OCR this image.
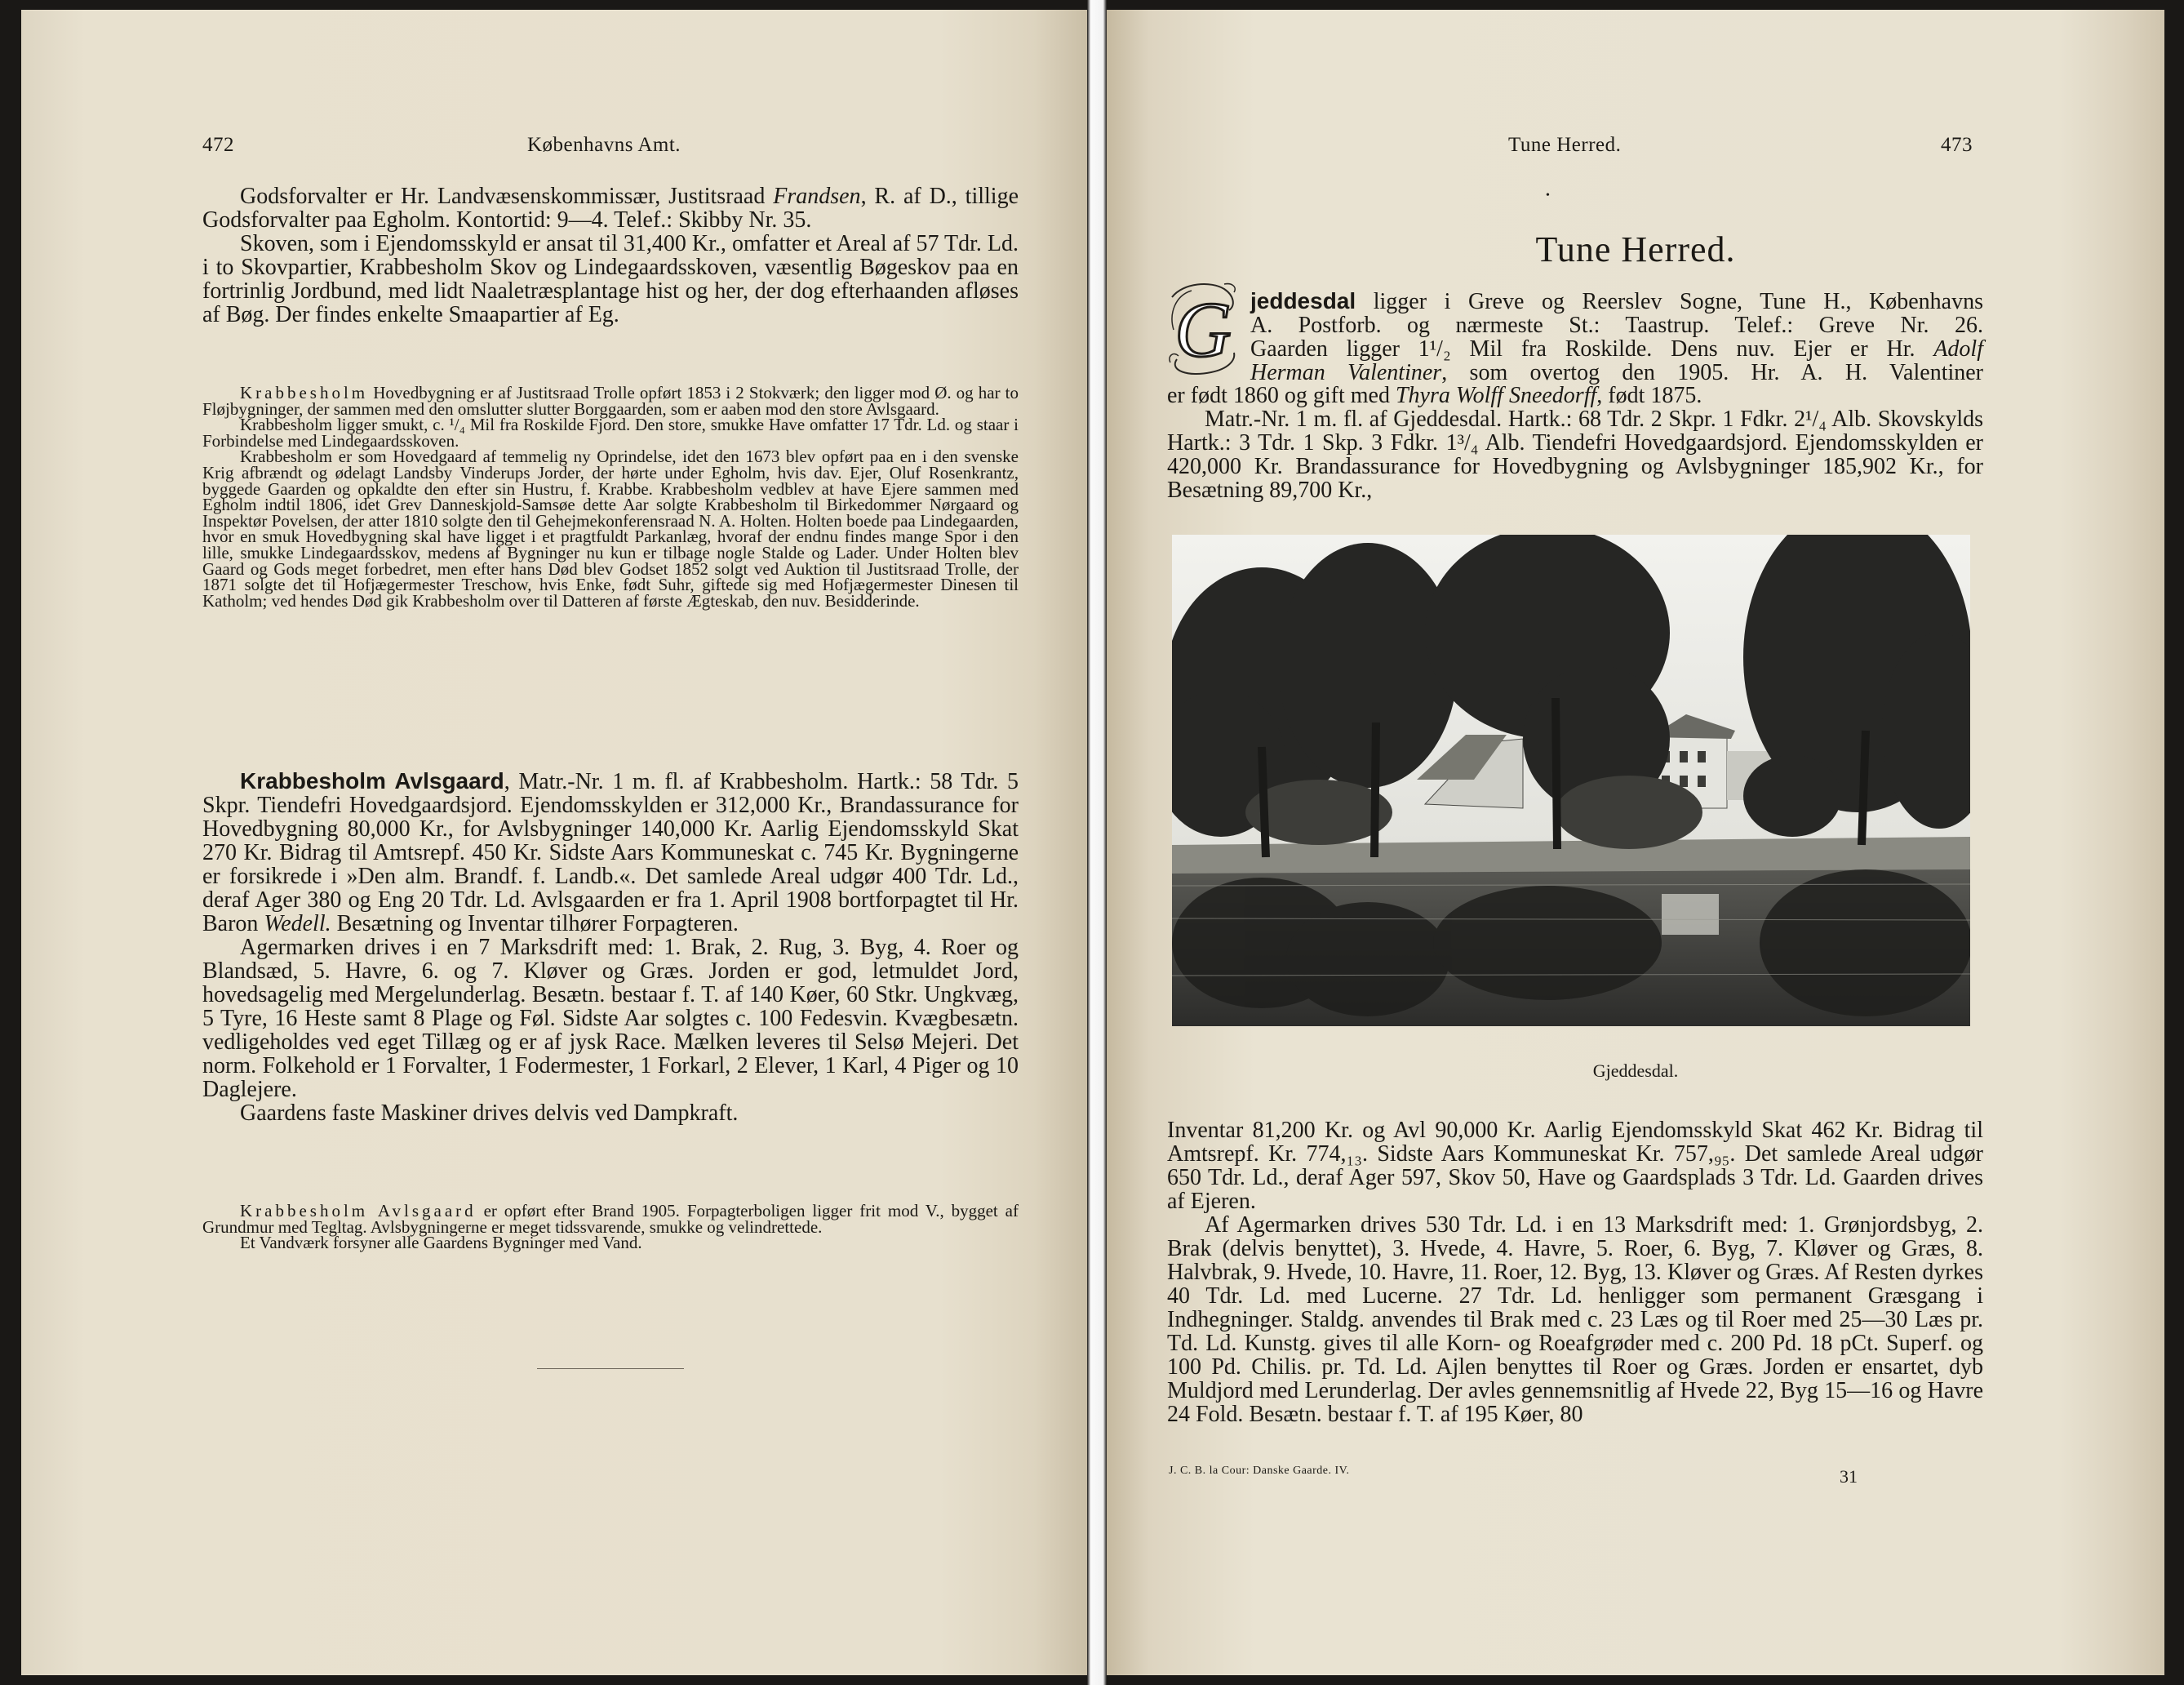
472	Københavns Amt.

Godsforvalter er Hr. Landvæsenskommissær, Justitsraad Frandsen, R. af D., tillige Godsforvalter paa Egholm. Kontortid: 9—4. Telef.: Skibby Nr. 35.

Skoven, som i Ejendomsskyld er ansat til 31,400 Kr., omfatter et Areal af 57 Tdr. Ld. i to Skovpartier, Krabbesholm Skov og Lindegaardsskoven, væsentlig Bøgeskov paa en fortrinlig Jordbund, med lidt Naaletræsplantage hist og her, der dog efterhaanden afløses af Bøg. Der findes enkelte Smaapartier af Eg.

Krabbesholm Hovedbygning er af Justitsraad Trolle opført 1853 i 2 Stokværk; den ligger mod Ø. og har to Fløjbygninger, der sammen med den omslutter slutter Borggaarden, som er aaben mod den store Avlsgaard.

Krabbesholm ligger smukt, c. ¹/₄ Mil fra Roskilde Fjord. Den store, smukke Have omfatter 17 Tdr. Ld. og staar i Forbindelse med Lindegaardsskoven.

Krabbesholm er som Hovedgaard af temmelig ny Oprindelse, idet den 1673 blev opført paa en i den svenske Krig afbrændt og ødelagt Landsby Vinderups Jorder, der hørte under Egholm, hvis dav. Ejer, Oluf Rosenkrantz, byggede Gaarden og opkaldte den efter sin Hustru, f. Krabbe. Krabbesholm vedblev at have Ejere sammen med Egholm indtil 1806, idet Grev Danneskjold-Samsøe dette Aar solgte Krabbesholm til Birkedommer Nørgaard og Inspektør Povelsen, der atter 1810 solgte den til Gehejmekonferensraad N. A. Holten. Holten boede paa Lindegaarden, hvor en smuk Hovedbygning skal have ligget i et pragtfuldt Parkanlæg, hvoraf der endnu findes mange Spor i den lille, smukke Lindegaardsskov, medens af Bygninger nu kun er tilbage nogle Stalde og Lader. Under Holten blev Gaard og Gods meget forbedret, men efter hans Død blev Godset 1852 solgt ved Auktion til Justitsraad Trolle, der 1871 solgte det til Hofjægermester Treschow, hvis Enke, født Suhr, giftede sig med Hofjægermester Dinesen til Katholm; ved hendes Død gik Krabbesholm over til Datteren af første Ægteskab, den nuv. Besidderinde.

Krabbesholm Avlsgaard, Matr.-Nr. 1 m. fl. af Krabbesholm. Hartk.: 58 Tdr. 5 Skpr. Tiendefri Hovedgaardsjord. Ejendomsskylden er 312,000 Kr., Brandassurance for Hovedbygning 80,000 Kr., for Avlsbygninger 140,000 Kr. Aarlig Ejendomsskyld Skat 270 Kr. Bidrag til Amtsrepf. 450 Kr. Sidste Aars Kommuneskat c. 745 Kr. Bygningerne er forsikrede i »Den alm. Brandf. f. Landb.«. Det samlede Areal udgør 400 Tdr. Ld., deraf Ager 380 og Eng 20 Tdr. Ld. Avlsgaarden er fra 1. April 1908 bortforpagtet til Hr. Baron Wedell. Besætning og Inventar tilhører Forpagteren.

Agermarken drives i en 7 Marksdrift med: 1. Brak, 2. Rug, 3. Byg, 4. Roer og Blandsæd, 5. Havre, 6. og 7. Kløver og Græs. Jorden er god, letmuldet Jord, hovedsagelig med Mergelunderlag. Besætn. bestaar f. T. af 140 Køer, 60 Stkr. Ungkvæg, 5 Tyre, 16 Heste samt 8 Plage og Føl. Sidste Aar solgtes c. 100 Fedesvin. Kvægbesætn. vedligeholdes ved eget Tillæg og er af jysk Race. Mælken leveres til Selsø Mejeri. Det norm. Folkehold er 1 Forvalter, 1 Fodermester, 1 Forkarl, 2 Elever, 1 Karl, 4 Piger og 10 Daglejere.

Gaardens faste Maskiner drives delvis ved Dampkraft.

Krabbesholm Avlsgaard er opført efter Brand 1905. Forpagterboligen ligger frit mod V., bygget af Grundmur med Tegltag. Avlsbygningerne er meget tidssvarende, smukke og velindrettede.

Et Vandværk forsyner alle Gaardens Bygninger med Vand.

Tune Herred.	473
•
Tune Herred.
G jeddesdal ligger i Greve og Reerslev Sogne, Tune H., Københavns

A. Postforb. og nærmeste St.: Taastrup. Telef.: Greve Nr. 26.

Gaarden ligger 1¹/₂ Mil fra Roskilde. Dens nuv. Ejer er Hr. Adolf

Herman Valentiner, som overtog den 1905. Hr. A. H. Valentiner

er født 1860 og gift med Thyra Wolff Sneedorff, født 1875.

Matr.-Nr. 1 m. fl. af Gjeddesdal. Hartk.: 68 Tdr. 2 Skpr. 1 Fdkr. 2¹/₄ Alb. Skovskylds Hartk.: 3 Tdr. 1 Skp. 3 Fdkr. 1³/₄ Alb. Tiendefri Hovedgaardsjord. Ejendomsskylden er 420,000 Kr. Brandassurance for Hovedbygning og Avlsbygninger 185,902 Kr., for Besætning 89,700 Kr.,

Gjeddesdal.

Inventar 81,200 Kr. og Avl 90,000 Kr. Aarlig Ejendomsskyld Skat 462 Kr. Bidrag til Amtsrepf. Kr. 774,₁₃. Sidste Aars Kommuneskat Kr. 757,₉₅. Det samlede Areal udgør 650 Tdr. Ld., deraf Ager 597, Skov 50, Have og Gaardsplads 3 Tdr. Ld. Gaarden drives af Ejeren.

Af Agermarken drives 530 Tdr. Ld. i en 13 Marksdrift med: 1. Grønjordsbyg, 2. Brak (delvis benyttet), 3. Hvede, 4. Havre, 5. Roer, 6. Byg, 7. Kløver og Græs, 8. Halvbrak, 9. Hvede, 10. Havre, 11. Roer, 12. Byg, 13. Kløver og Græs. Af Resten dyrkes 40 Tdr. Ld. med Lucerne. 27 Tdr. Ld. henligger som permanent Græsgang i Indhegninger. Staldg. anvendes til Brak med c. 23 Læs og til Roer med 25—30 Læs pr. Td. Ld. Kunstg. gives til alle Korn- og Roeafgrøder med c. 200 Pd. 18 pCt. Superf. og 100 Pd. Chilis. pr. Td. Ld. Ajlen benyttes til Roer og Græs. Jorden er ensartet, dyb Muldjord med Lerunderlag. Der avles gennemsnitlig af Hvede 22, Byg 15—16 og Havre 24 Fold. Besætn. bestaar f. T. af 195 Køer, 80

J. C. B. la Cour: Danske Gaarde. IV.	31
